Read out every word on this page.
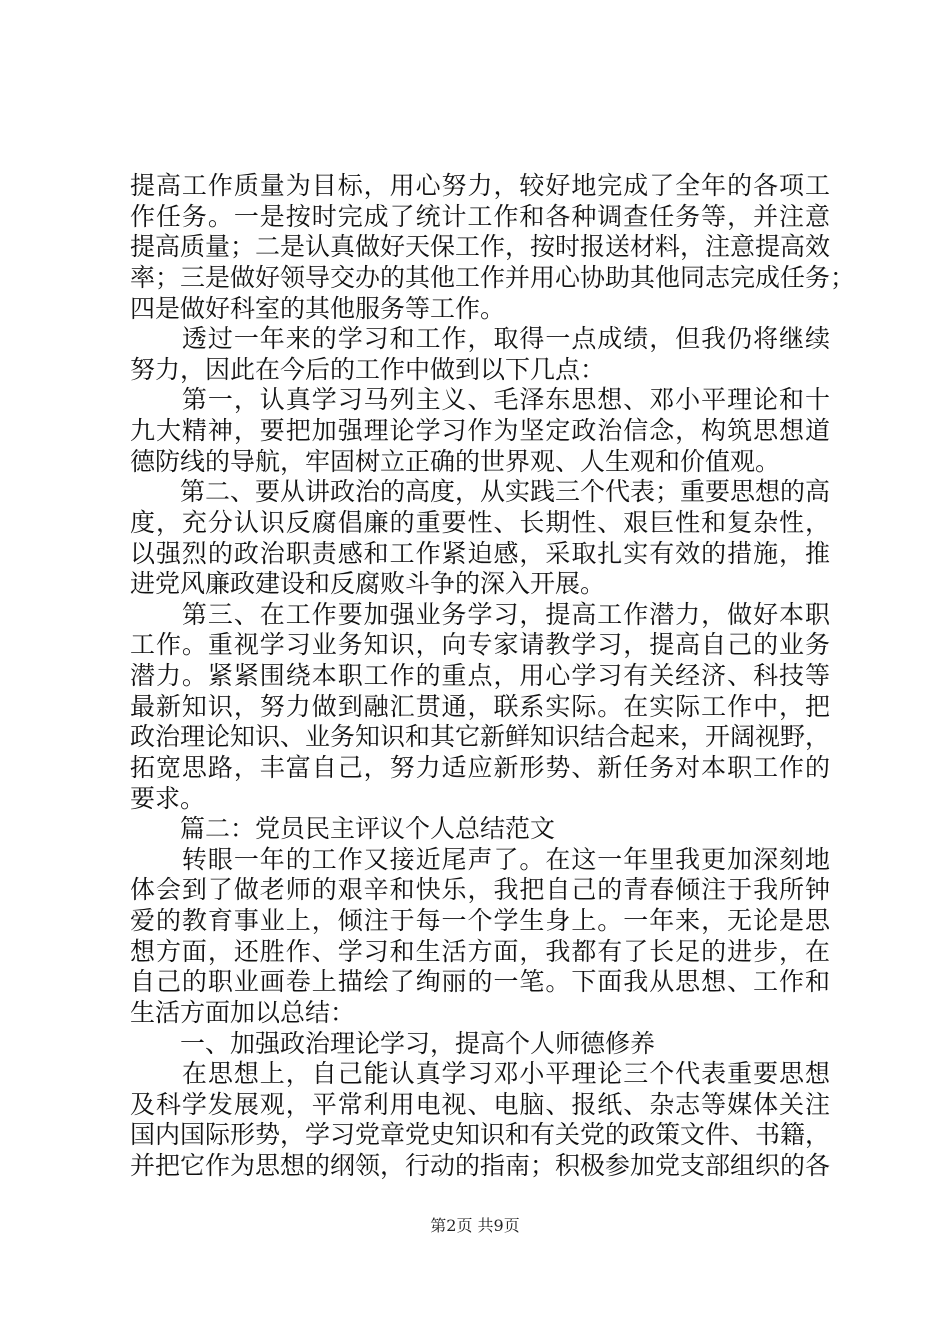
提高工作质量为目标，用心努力，较好地完成了全年的各项工
作任务。一是按时完成了统计工作和各种调查任务等，并注意
提高质量；二是认真做好天保工作，按时报送材料，注意提高效
率；三是做好领导交办的其他工作并用心协助其他同志完成任务；
四是做好科室的其他服务等工作。
　　透过一年来的学习和工作，取得一点成绩，但我仍将继续
努力，因此在今后的工作中做到以下几点：
　　第一，认真学习马列主义、毛泽东思想、邓小平理论和十
九大精神，要把加强理论学习作为坚定政治信念，构筑思想道
德防线的导航，牢固树立正确的世界观、人生观和价值观。
　　第二、要从讲政治的高度，从实践三个代表；重要思想的高
度，充分认识反腐倡廉的重要性、长期性、艰巨性和复杂性，
以强烈的政治职责感和工作紧迫感，采取扎实有效的措施，推
进党风廉政建设和反腐败斗争的深入开展。
　　第三、在工作要加强业务学习，提高工作潜力，做好本职
工作。重视学习业务知识，向专家请教学习，提高自己的业务
潜力。紧紧围绕本职工作的重点，用心学习有关经济、科技等
最新知识，努力做到融汇贯通，联系实际。在实际工作中，把
政治理论知识、业务知识和其它新鲜知识结合起来，开阔视野，
拓宽思路，丰富自己，努力适应新形势、新任务对本职工作的
要求。
　　篇二：党员民主评议个人总结范文
　　转眼一年的工作又接近尾声了。在这一年里我更加深刻地
体会到了做老师的艰辛和快乐，我把自己的青春倾注于我所钟
爱的教育事业上，倾注于每一个学生身上。一年来，无论是思
想方面，还胜作、学习和生活方面，我都有了长足的进步，在
自己的职业画卷上描绘了绚丽的一笔。下面我从思想、工作和
生活方面加以总结：
　　一、加强政治理论学习，提高个人师德修养
　　在思想上，自己能认真学习邓小平理论三个代表重要思想
及科学发展观，平常利用电视、电脑、报纸、杂志等媒体关注
国内国际形势，学习党章党史知识和有关党的政策文件、书籍，
并把它作为思想的纲领，行动的指南；积极参加党支部组织的各
第2页 共9页
